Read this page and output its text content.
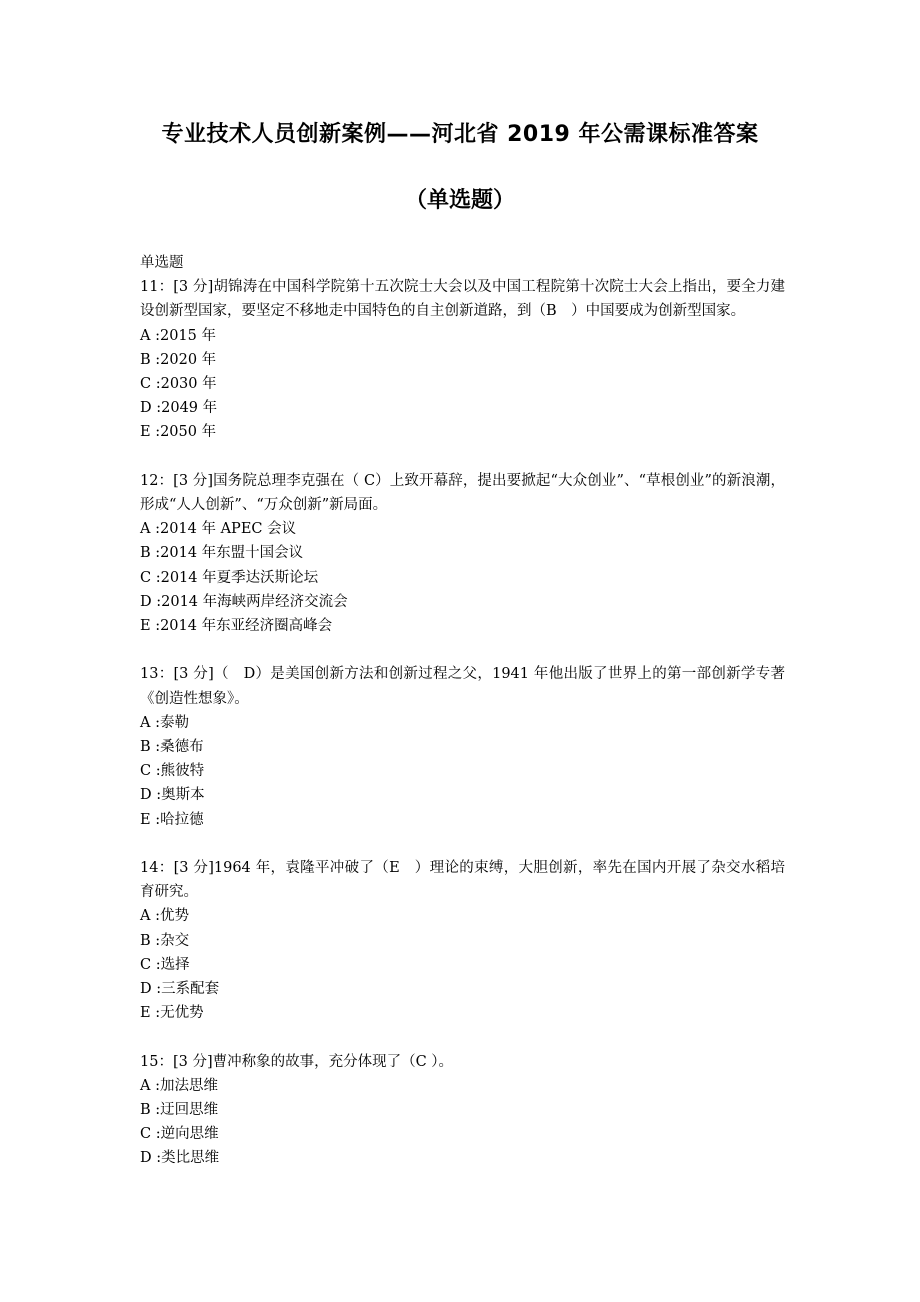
专业技术人员创新案例——河北省 2019 年公需课标准答案
（单选题）

单选题

11：[3 分]胡锦涛在中国科学院第十五次院士大会以及中国工程院第十次院士大会上指出，要全力建设创新型国家，要坚定不移地走中国特色的自主创新道路，到（B　）中国要成为创新型国家。

A :2015 年
B :2020 年
C :2030 年
D :2049 年
E :2050 年

12：[3 分]国务院总理李克强在（ C）上致开幕辞，提出要掀起“大众创业”、“草根创业”的新浪潮，形成“人人创新”、“万众创新”新局面。

A :2014 年 APEC 会议
B :2014 年东盟十国会议
C :2014 年夏季达沃斯论坛
D :2014 年海峡两岸经济交流会
E :2014 年东亚经济圈高峰会

13：[3 分]（　D）是美国创新方法和创新过程之父，1941 年他出版了世界上的第一部创新学专著《创造性想象》。

A :泰勒
B :桑德布
C :熊彼特
D :奥斯本
E :哈拉德

14：[3 分]1964 年，袁隆平冲破了（E　）理论的束缚，大胆创新，率先在国内开展了杂交水稻培育研究。

A :优势
B :杂交
C :选择
D :三系配套
E :无优势

15：[3 分]曹冲称象的故事，充分体现了（C ）。

A :加法思维
B :迂回思维
C :逆向思维
D :类比思维
